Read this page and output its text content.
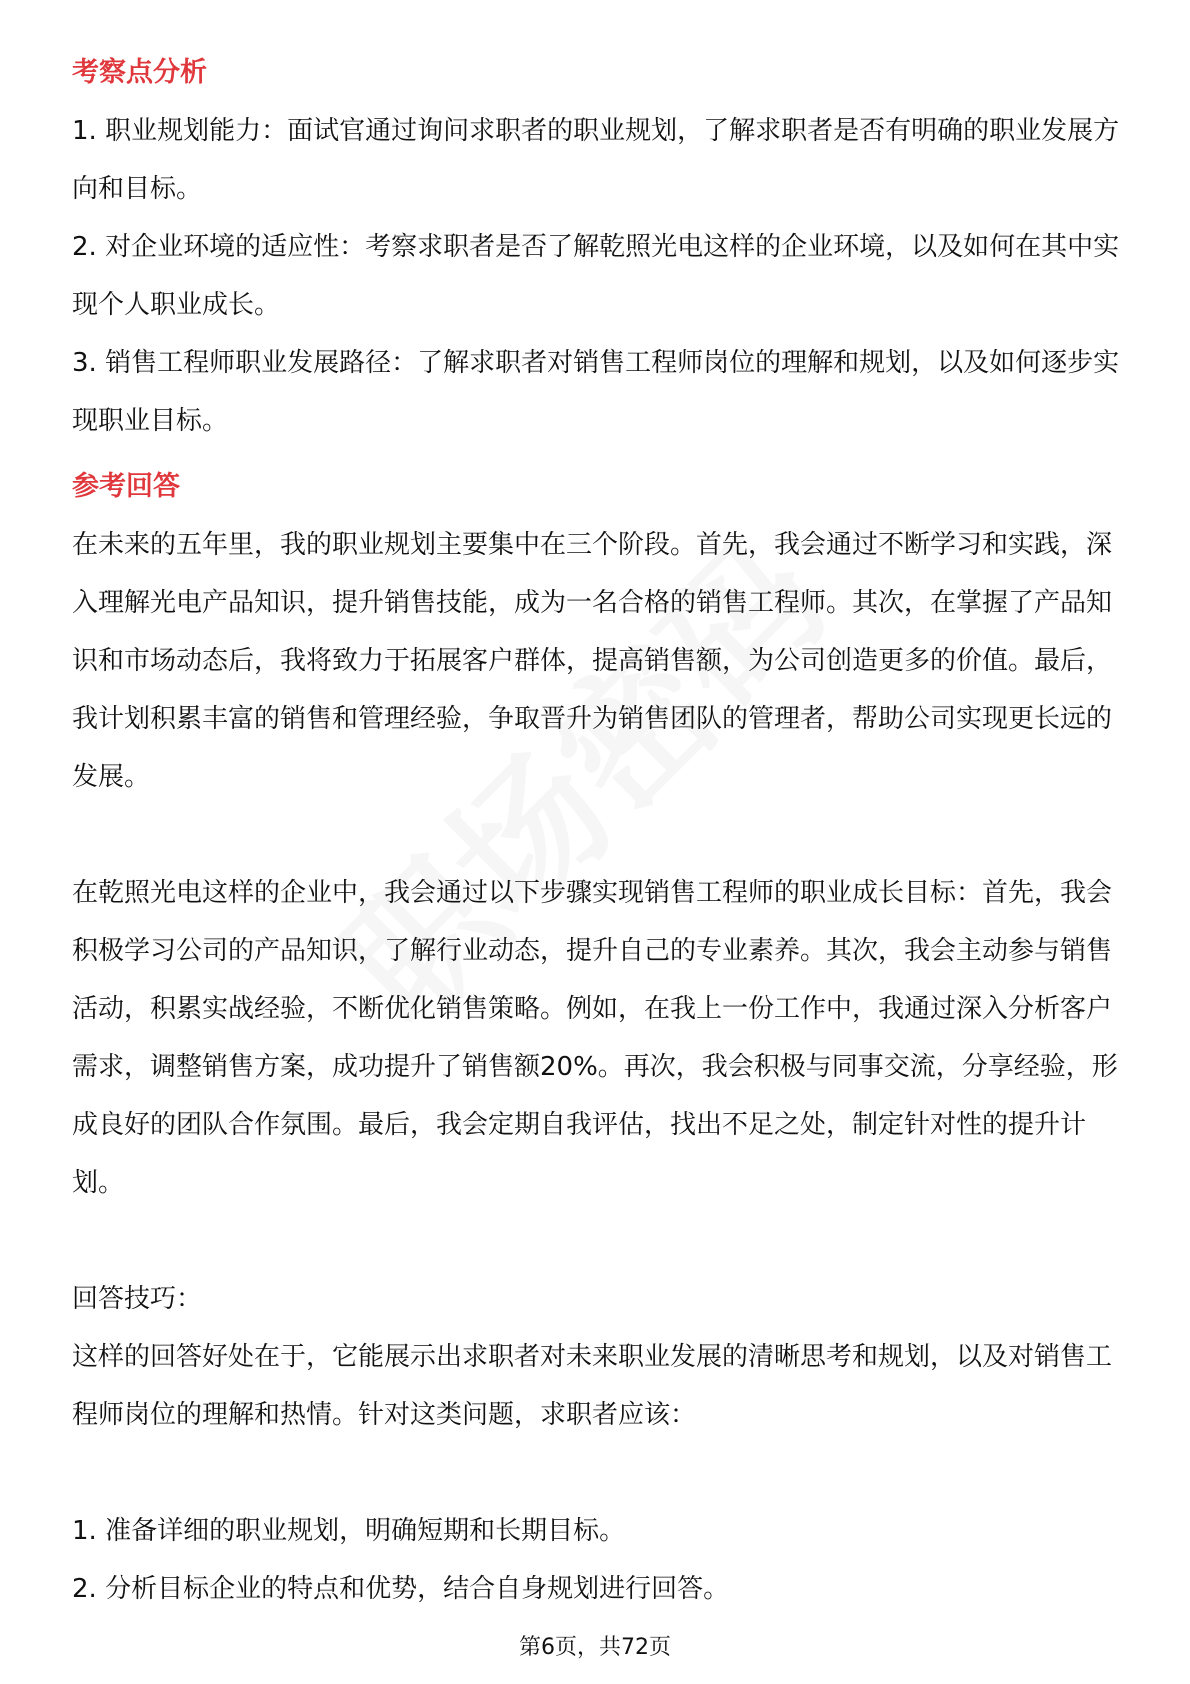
考察点分析

1. 职业规划能力：面试官通过询问求职者的职业规划，了解求职者是否有明确的职业发展方向和目标。

2. 对企业环境的适应性：考察求职者是否了解乾照光电这样的企业环境，以及如何在其中实现个人职业成长。

3. 销售工程师职业发展路径：了解求职者对销售工程师岗位的理解和规划，以及如何逐步实现职业目标。

参考回答

在未来的五年里，我的职业规划主要集中在三个阶段。首先，我会通过不断学习和实践，深入理解光电产品知识，提升销售技能，成为一名合格的销售工程师。其次，在掌握了产品知识和市场动态后，我将致力于拓展客户群体，提高销售额，为公司创造更多的价值。最后，我计划积累丰富的销售和管理经验，争取晋升为销售团队的管理者，帮助公司实现更长远的发展。

在乾照光电这样的企业中，我会通过以下步骤实现销售工程师的职业成长目标：首先，我会积极学习公司的产品知识，了解行业动态，提升自己的专业素养。其次，我会主动参与销售活动，积累实战经验，不断优化销售策略。例如，在我上一份工作中，我通过深入分析客户需求，调整销售方案，成功提升了销售额20%。再次，我会积极与同事交流，分享经验，形成良好的团队合作氛围。最后，我会定期自我评估，找出不足之处，制定针对性的提升计划。

回答技巧：

这样的回答好处在于，它能展示出求职者对未来职业发展的清晰思考和规划，以及对销售工程师岗位的理解和热情。针对这类问题，求职者应该：

1. 准备详细的职业规划，明确短期和长期目标。

2. 分析目标企业的特点和优势，结合自身规划进行回答。

第6页，共72页
